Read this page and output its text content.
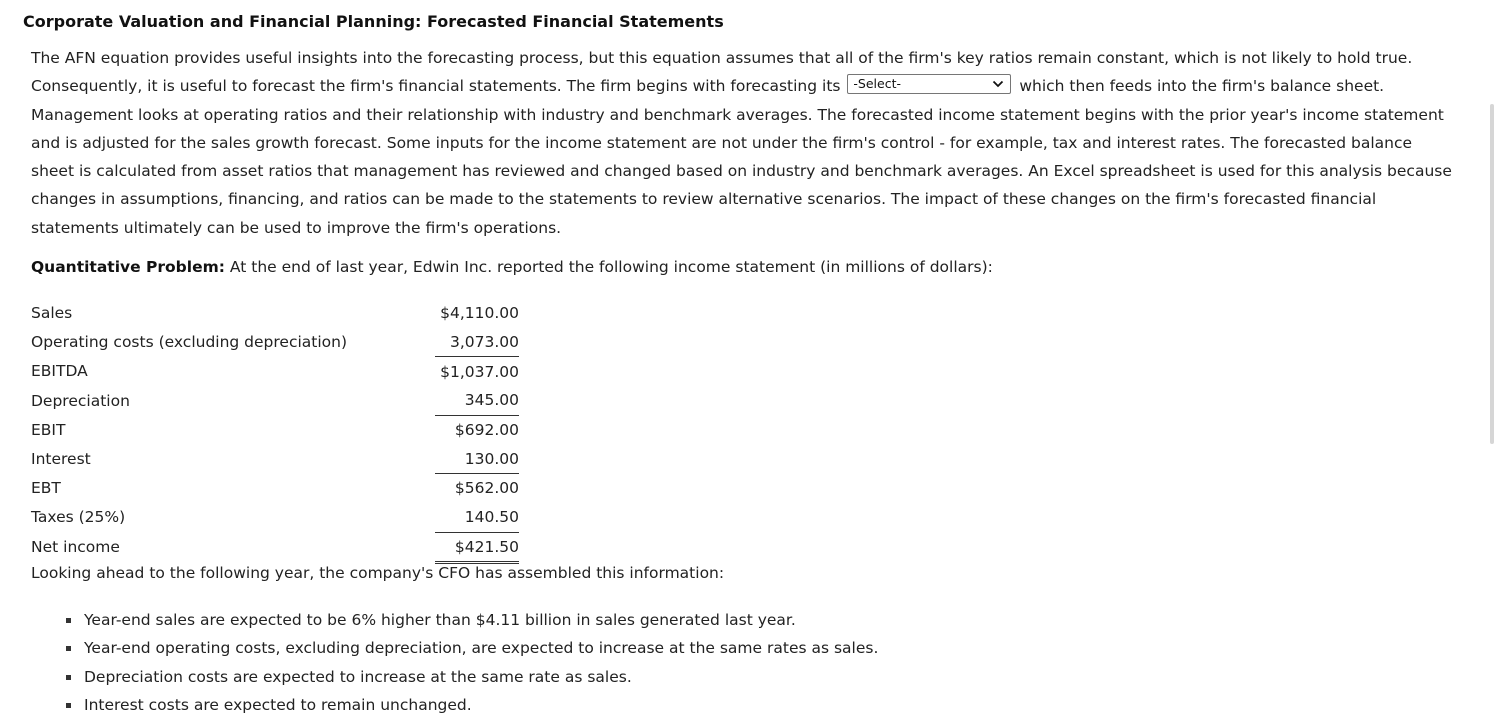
Corporate Valuation and Financial Planning: Forecasted Financial Statements

The AFN equation provides useful insights into the forecasting process, but this equation assumes that all of the firm's key ratios remain constant, which is not likely to hold true. Consequently, it is useful to forecast the firm's financial statements. The firm begins with forecasting its -Select-	which then feeds into the firm's balance sheet. Management looks at operating ratios and their relationship with industry and benchmark averages. The forecasted income statement begins with the prior year's income statement and is adjusted for the sales growth forecast. Some inputs for the income statement are not under the firm's control - for example, tax and interest rates. The forecasted balance sheet is calculated from asset ratios that management has reviewed and changed based on industry and benchmark averages. An Excel spreadsheet is used for this analysis because changes in assumptions, financing, and ratios can be made to the statements to review alternative scenarios. The impact of these changes on the firm's forecasted financial statements ultimately can be used to improve the firm's operations.

Quantitative Problem: At the end of last year, Edwin Inc. reported the following income statement (in millions of dollars):

Sales	$4,110.00
Operating costs (excluding depreciation)	3,073.00
EBITDA	$1,037.00
Depreciation	345.00
EBIT	$692.00
Interest	130.00
EBT	$562.00
Taxes (25%)	140.50
Net income	$421.50

Looking ahead to the following year, the company's CFO has assembled this information:

Year-end sales are expected to be 6% higher than $4.11 billion in sales generated last year.
Year-end operating costs, excluding depreciation, are expected to increase at the same rates as sales.
Depreciation costs are expected to increase at the same rate as sales.
Interest costs are expected to remain unchanged.
